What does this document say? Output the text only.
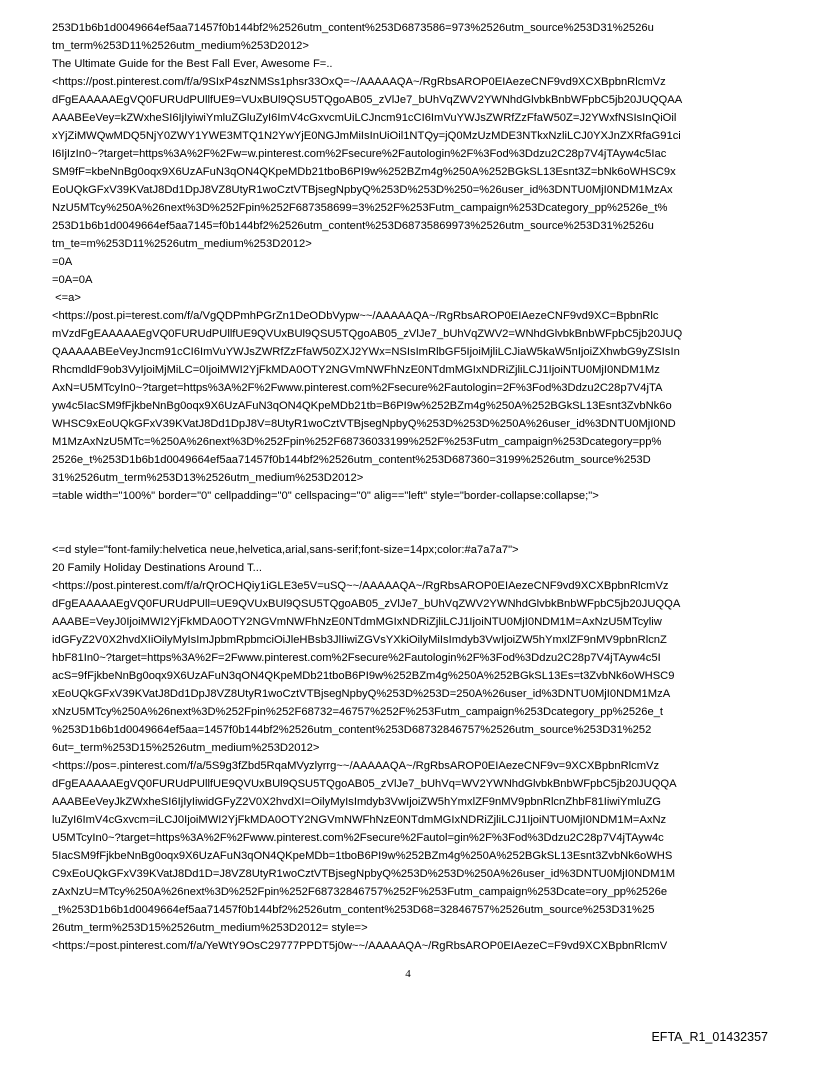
253D1b6b1d0049664ef5aa71457f0b144bf2%2526utm_content%253D6873586=973%2526utm_source%253D31%2526u
tm_term%253D11%2526utm_medium%253D2012>
The Ultimate Guide for the Best Fall Ever, Awesome F=..
<https://post.pinterest.com/f/a/9SIxP4szNMSs1phsr33OxQ=~/AAAAAQA~/RgRbsAROP0EIAezeCNF9vd9XCXBpbnRlcmVz
dFgEAAAAAEgVQ0FURUdPUllfUE9=VUxBUl9QSU5TQgoAB05_zVlJe7_bUhVqZWV2YWNhdGlvbkBnbWFpbC5jb20JUQQAA
AAABEeVey=kZWxheSI6IjIyiwiYmluZGluZyI6ImV4cGxvcmUiLCJncm91cCI6ImVuYWJsZWRfZzFfaW50Z=J2YWxfNSIsInQiOil
xYjZiMWQwMDQ5NjY0ZWY1YWE3MTQ1N2YwYjE0NGJmMiIsInUiOil1NTQy=jQ0MzUzMDE3NTkxNzliLCJ0YXJnZXRfaG91ci
I6IjIzIn0~?target=https%3A%2F%2Fw=w.pinterest.com%2Fsecure%2Fautologin%2F%3Fod%3Ddzu2C28p7V4jTAyw4c5Iac
SM9fF=kbeNnBg0oqx9X6UzAFuN3qON4QKpeMDb21tboB6PI9w%252BZm4g%250A%252BGkSL13Esnt3Z=bNk6oWHSC9x
EoUQkGFxV39KVatJ8Dd1DpJ8VZ8UtyR1woCztVTBjsegNpbyQ%253D%253D%250=%26user_id%3DNTU0MjI0NDM1MzAx
NzU5MTcy%250A%26next%3D%252Fpin%252F687358699=3%252F%253Futm_campaign%253Dcategory_pp%2526e_t%
253D1b6b1d0049664ef5aa7145=f0b144bf2%2526utm_content%253D68735869973%2526utm_source%253D31%2526u
tm_te=m%253D11%2526utm_medium%253D2012>
=0A
=0A=0A
<=a>
<https://post.pi=terest.com/f/a/VgQDPmhPGrZn1DeODbVypw~~/AAAAAQA~/RgRbsAROP0EIAezeCNF9vd9XC=BpbnRlc
mVzdFgEAAAAAEgVQ0FURUdPUllfUE9QVUxBUl9QSU5TQgoAB05_zVlJe7_bUhVqZWV2=WNhdGlvbkBnbWFpbC5jb20JUQ
QAAAAABEeVeyJncm91cCI6ImVuYWJsZWRfZzFfaW50ZXJ2YWx=NSIsImRlbGF5IjoiMjliLCJiaW5kaW5nIjoiZXhwbG9yZSIsIn
RhcmdldF9ob3VyIjoiMjMiLC=0IjoiMWI2YjFkMDA0OTY2NGVmNWFhNzE0NTdmMGIxNDRiZjliLCJ1IjoiNTU0MjI0NDM1Mz
AxN=U5MTcyIn0~?target=https%3A%2F%2Fwww.pinterest.com%2Fsecure%2Fautologin=2F%3Fod%3Ddzu2C28p7V4jTA
yw4c5IacSM9fFjkbeNnBg0oqx9X6UzAFuN3qON4QKpeMDb21tb=B6PI9w%252BZm4g%250A%252BGkSL13Esnt3ZvbNk6o
WHSC9xEoUQkGFxV39KVatJ8Dd1DpJ8V=8UtyR1woCztVTBjsegNpbyQ%253D%253D%250A%26user_id%3DNTU0MjI0ND
M1MzAxNzU5MTc=%250A%26next%3D%252Fpin%252F68736033199%252F%253Futm_campaign%253Dcategory=pp%
2526e_t%253D1b6b1d0049664ef5aa71457f0b144bf2%2526utm_content%253D687360=3199%2526utm_source%253D
31%2526utm_term%253D13%2526utm_medium%253D2012>
=table width="100%" border="0" cellpadding="0" cellspacing="0" alig=="left" style="border-collapse:collapse;">
<=d style="font-family:helvetica neue,helvetica,arial,sans-serif;font-size=14px;color:#a7a7a7">
20 Family Holiday Destinations Around T...
<https://post.pinterest.com/f/a/rQrOCHQiy1iGLE3e5V=uSQ~~/AAAAAQA~/RgRbsAROP0EIAezeCNF9vd9XCXBpbnRlcmVz
dFgEAAAAAEgVQ0FURUdPUll=UE9QVUxBUl9QSU5TQgoAB05_zVlJe7_bUhVqZWV2YWNhdGlvbkBnbWFpbC5jb20JUQQA
AAABE=VeyJ0IjoiMWI2YjFkMDA0OTY2NGVmNWFhNzE0NTdmMGIxNDRiZjliLCJ1IjoiNTU0MjI0NDM1M=AxNzU5MTcyliw
idGFyZ2V0X2hvdXIiOilyMyIsImJpbmRpbmciOiJleHBsb3JlIiwiZGVsYXkiOilyMiIsImdyb3VwIjoiZW5hYmxlZF9nMV9pbnRlcnZ
hbF81In0~?target=https%3A%2F=2Fwww.pinterest.com%2Fsecure%2Fautologin%2F%3Fod%3Ddzu2C28p7V4jTAyw4c5I
acS=9fFjkbeNnBg0oqx9X6UzAFuN3qON4QKpeMDb21tboB6PI9w%252BZm4g%250A%252BGkSL13Es=t3ZvbNk6oWHSC9
xEoUQkGFxV39KVatJ8Dd1DpJ8VZ8UtyR1woCztVTBjsegNpbyQ%253D%253D=250A%26user_id%3DNTU0MjI0NDM1MzA
xNzU5MTcy%250A%26next%3D%252Fpin%252F68732=46757%252F%253Futm_campaign%253Dcategory_pp%2526e_t
%253D1b6b1d0049664ef5aa=1457f0b144bf2%2526utm_content%253D68732846757%2526utm_source%253D31%252
6ut=_term%253D15%2526utm_medium%253D2012>
<https://pos=.pinterest.com/f/a/5S9g3fZbd5RqaMVyzlyrrg~~/AAAAAQA~/RgRbsAROP0EIAezeCNF9v=9XCXBpbnRlcmVz
dFgEAAAAAEgVQ0FURUdPUllfUE9QVUxBUl9QSU5TQgoAB05_zVlJe7_bUhVq=WV2YWNhdGlvbkBnbWFpbC5jb20JUQQA
AAABEeVeyJkZWxheSI6IjIyIiwidGFyZ2V0X2hvdXI=OilyMyIsImdyb3VwIjoiZW5hYmxlZF9nMV9pbnRlcnZhbF81IiwiYmluZG
luZyI6ImV4cGxvcm=iLCJ0IjoiMWI2YjFkMDA0OTY2NGVmNWFhNzE0NTdmMGIxNDRiZjliLCJ1IjoiNTU0MjI0NDM1M=AxNz
U5MTcyIn0~?target=https%3A%2F%2Fwww.pinterest.com%2Fsecure%2Fautol=gin%2F%3Fod%3Ddzu2C28p7V4jTAyw4c
5IacSM9fFjkbeNnBg0oqx9X6UzAFuN3qON4QKpeMDb=1tboB6PI9w%252BZm4g%250A%252BGkSL13Esnt3ZvbNk6oWHS
C9xEoUQkGFxV39KVatJ8Dd1D=J8VZ8UtyR1woCztVTBjsegNpbyQ%253D%253D%250A%26user_id%3DNTU0MjI0NDM1M
zAxNzU=MTcy%250A%26next%3D%252Fpin%252F68732846757%252F%253Futm_campaign%253Dcate=ory_pp%2526e
_t%253D1b6b1d0049664ef5aa71457f0b144bf2%2526utm_content%253D68=32846757%2526utm_source%253D31%25
26utm_term%253D15%2526utm_medium%253D2012= style=>
<https:/=post.pinterest.com/f/a/YeWtY9OsC29777PPDT5j0w~~/AAAAAQA~/RgRbsAROP0EIAezeC=F9vd9XCXBpbnRlcmV
4
EFTA_R1_01432357
